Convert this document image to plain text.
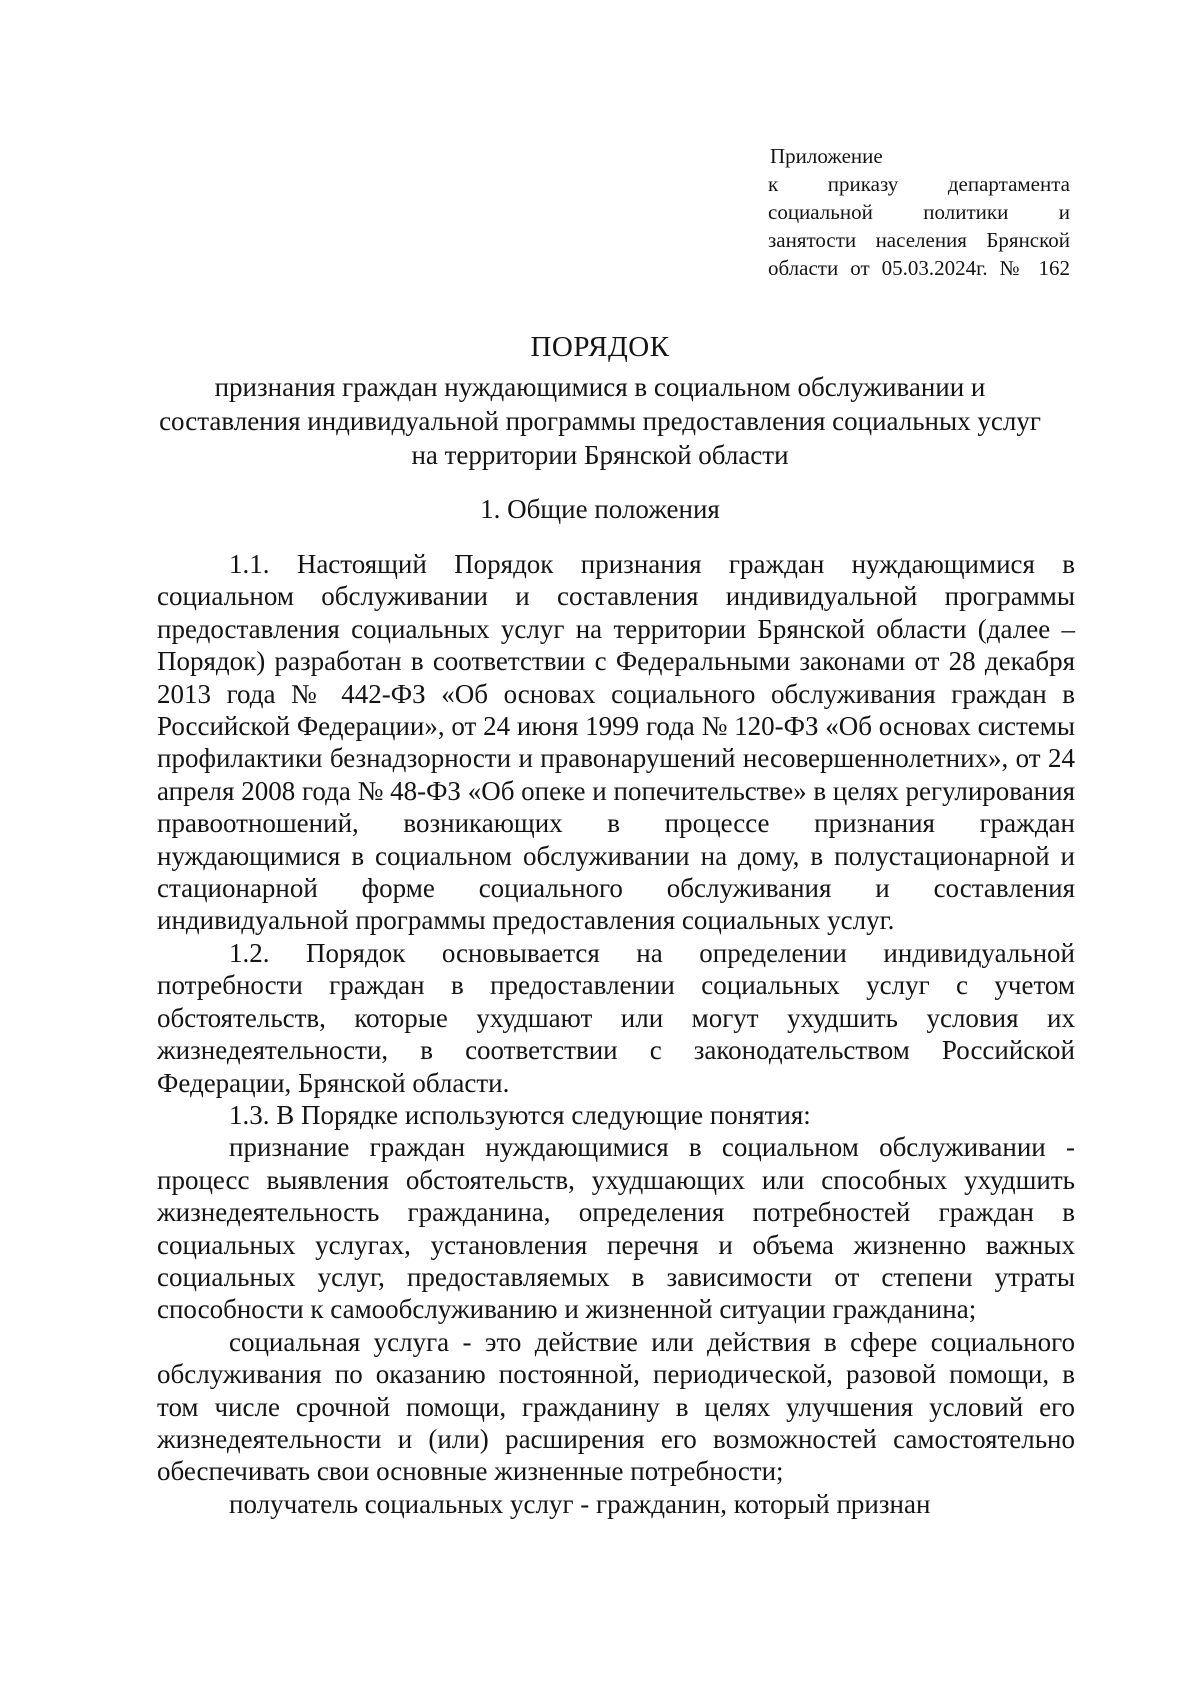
Приложение
к приказу департамента
социальной политики и
занятости населения Брянской
области от 05.03.2024г. № 162
ПОРЯДОК
признания граждан нуждающимися в социальном обслуживании и
составления индивидуальной программы предоставления социальных услуг
на территории Брянской области
1. Общие положения

1.1. Настоящий Порядок признания граждан нуждающимися в социальном обслуживании и составления индивидуальной программы предоставления социальных услуг на территории Брянской области (далее – Порядок) разработан в соответствии с Федеральными законами от 28 декабря 2013 года № 442-ФЗ «Об основах социального обслуживания граждан в Российской Федерации», от 24 июня 1999 года № 120-ФЗ «Об основах системы профилактики безнадзорности и правонарушений несовершеннолетних», от 24 апреля 2008 года № 48-ФЗ «Об опеке и попечительстве» в целях регулирования правоотношений, возникающих в процессе признания граждан нуждающимися в социальном обслуживании на дому, в полустационарной и стационарной форме социального обслуживания и составления индивидуальной программы предоставления социальных услуг.

1.2. Порядок основывается на определении индивидуальной потребности граждан в предоставлении социальных услуг с учетом обстоятельств, которые ухудшают или могут ухудшить условия их жизнедеятельности, в соответствии с законодательством Российской Федерации, Брянской области.

1.3. В Порядке используются следующие понятия:

признание граждан нуждающимися в социальном обслуживании - процесс выявления обстоятельств, ухудшающих или способных ухудшить жизнедеятельность гражданина, определения потребностей граждан в социальных услугах, установления перечня и объема жизненно важных социальных услуг, предоставляемых в зависимости от степени утраты способности к самообслуживанию и жизненной ситуации гражданина;

социальная услуга - это действие или действия в сфере социального обслуживания по оказанию постоянной, периодической, разовой помощи, в том числе срочной помощи, гражданину в целях улучшения условий его жизнедеятельности и (или) расширения его возможностей самостоятельно обеспечивать свои основные жизненные потребности;

получатель социальных услуг - гражданин, который признан
